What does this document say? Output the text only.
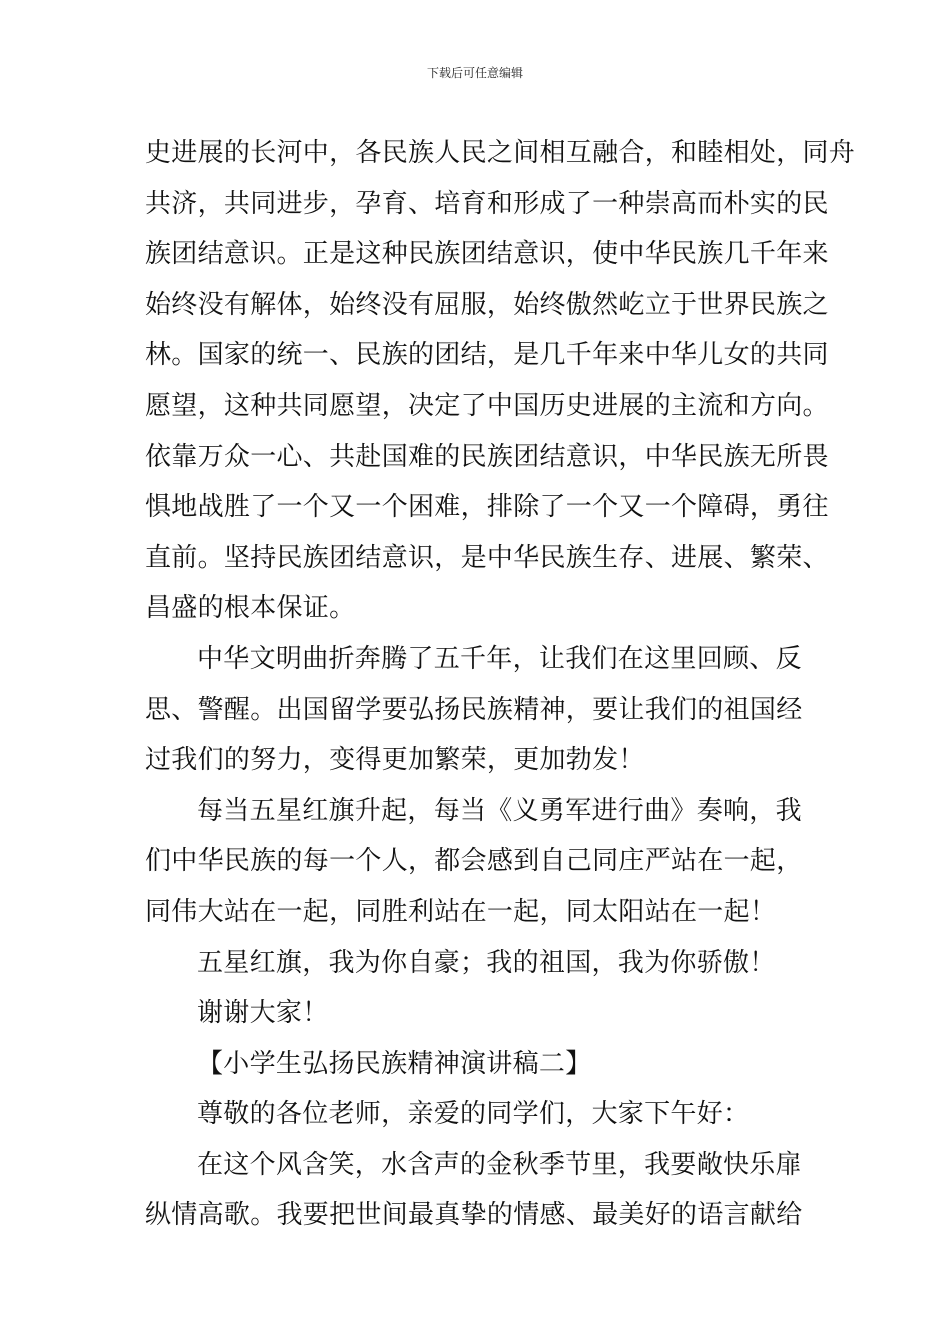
下载后可任意编辑
史进展的长河中，各民族人民之间相互融合，和睦相处，同舟
共济，共同进步，孕育、培育和形成了一种崇高而朴实的民
族团结意识。正是这种民族团结意识，使中华民族几千年来
始终没有解体，始终没有屈服，始终傲然屹立于世界民族之
林。国家的统一、民族的团结，是几千年来中华儿女的共同
愿望，这种共同愿望，决定了中国历史进展的主流和方向。
依靠万众一心、共赴国难的民族团结意识，中华民族无所畏
惧地战胜了一个又一个困难，排除了一个又一个障碍，勇往
直前。坚持民族团结意识，是中华民族生存、进展、繁荣、
昌盛的根本保证。
中华文明曲折奔腾了五千年，让我们在这里回顾、反
思、警醒。出国留学要弘扬民族精神，要让我们的祖国经
过我们的努力，变得更加繁荣，更加勃发！
每当五星红旗升起，每当《义勇军进行曲》奏响，我
们中华民族的每一个人，都会感到自己同庄严站在一起，
同伟大站在一起，同胜利站在一起，同太阳站在一起！
五星红旗，我为你自豪；我的祖国，我为你骄傲！
谢谢大家！
【小学生弘扬民族精神演讲稿二】
尊敬的各位老师，亲爱的同学们，大家下午好：
在这个风含笑，水含声的金秋季节里，我要敞快乐扉
纵情高歌。我要把世间最真挚的情感、最美好的语言献给
